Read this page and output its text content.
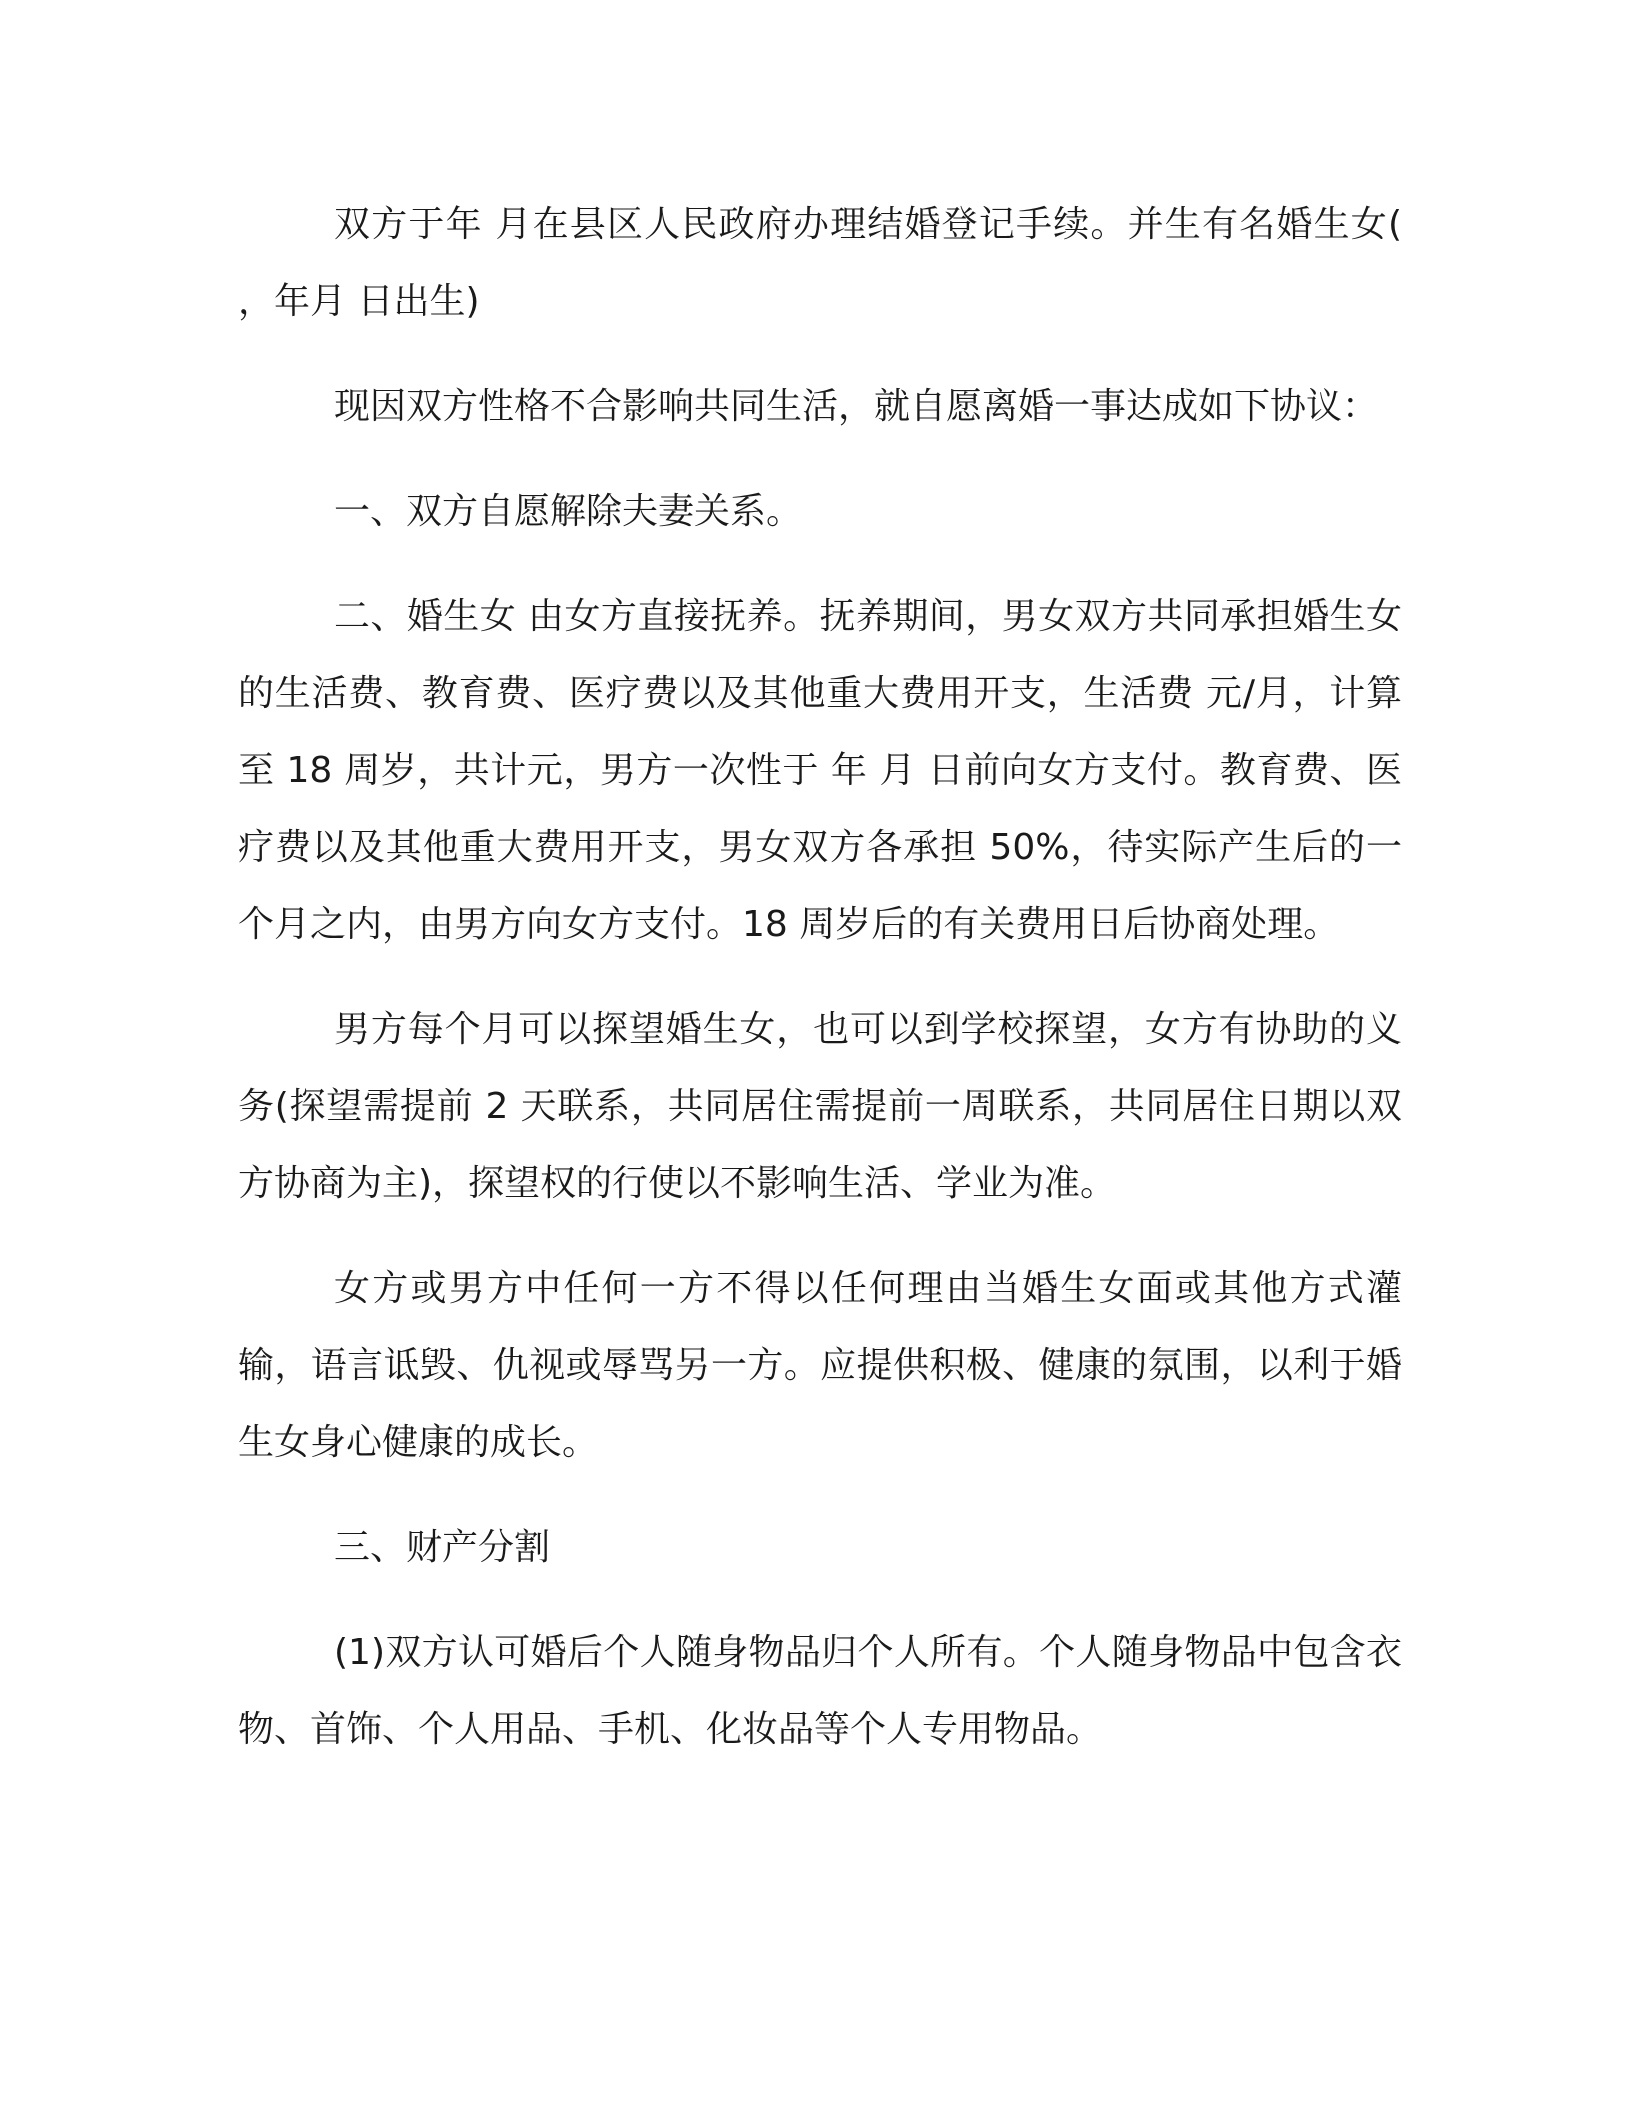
双方于年 月在县区人民政府办理结婚登记手续。并生有名婚生女( ，年月 日出生)

现因双方性格不合影响共同生活，就自愿离婚一事达成如下协议：

一、双方自愿解除夫妻关系。

二、婚生女 由女方直接抚养。抚养期间，男女双方共同承担婚生女的生活费、教育费、医疗费以及其他重大费用开支，生活费 元/月，计算至 18 周岁，共计元，男方一次性于 年 月 日前向女方支付。教育费、医疗费以及其他重大费用开支，男女双方各承担 50%，待实际产生后的一个月之内，由男方向女方支付。18 周岁后的有关费用日后协商处理。

男方每个月可以探望婚生女，也可以到学校探望，女方有协助的义务(探望需提前 2 天联系，共同居住需提前一周联系，共同居住日期以双方协商为主)，探望权的行使以不影响生活、学业为准。

女方或男方中任何一方不得以任何理由当婚生女面或其他方式灌输，语言诋毁、仇视或辱骂另一方。应提供积极、健康的氛围，以利于婚生女身心健康的成长。

三、财产分割

(1)双方认可婚后个人随身物品归个人所有。个人随身物品中包含衣物、首饰、个人用品、手机、化妆品等个人专用物品。
